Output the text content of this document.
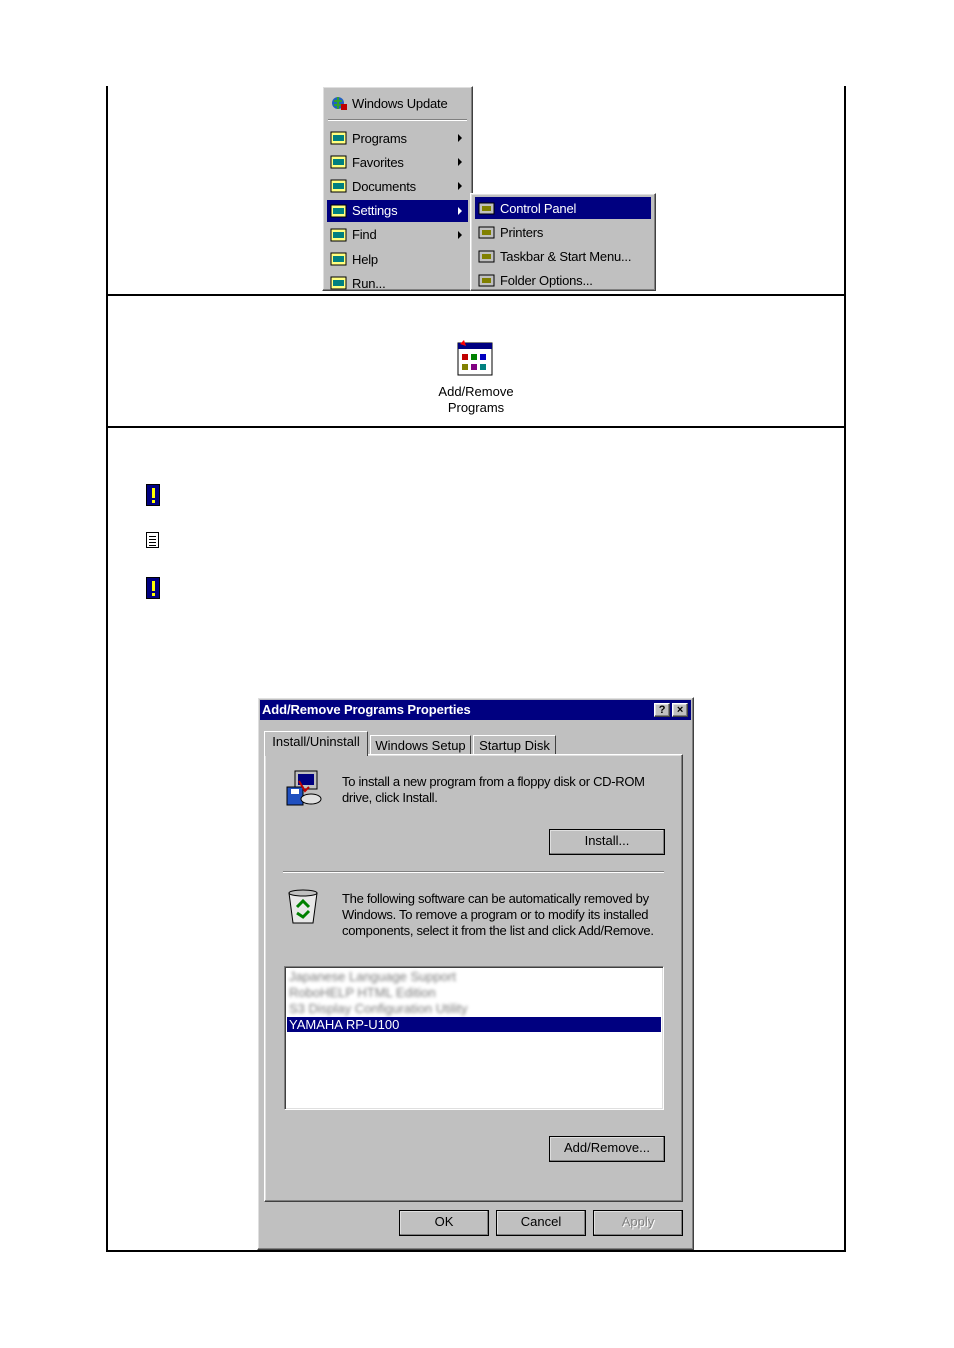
Windows Update
Programs
Favorites
Documents
Settings
Find
Help
Run...
Control Panel
Printers
Taskbar & Start Menu...
Folder Options...
Add/Remove
Programs
Add/Remove Programs Properties	?	×
Install/Uninstall	Windows Setup	Startup Disk
To install a new program from a floppy disk or CD-ROM drive, click Install.
Install...
The following software can be automatically removed by Windows. To remove a program or to modify its installed components, select it from the list and click Add/Remove.
Japanese Language Support
RoboHELP HTML Edition
S3 Display Configuration Utility
YAMAHA RP-U100
Add/Remove...
OK	Cancel	Apply
